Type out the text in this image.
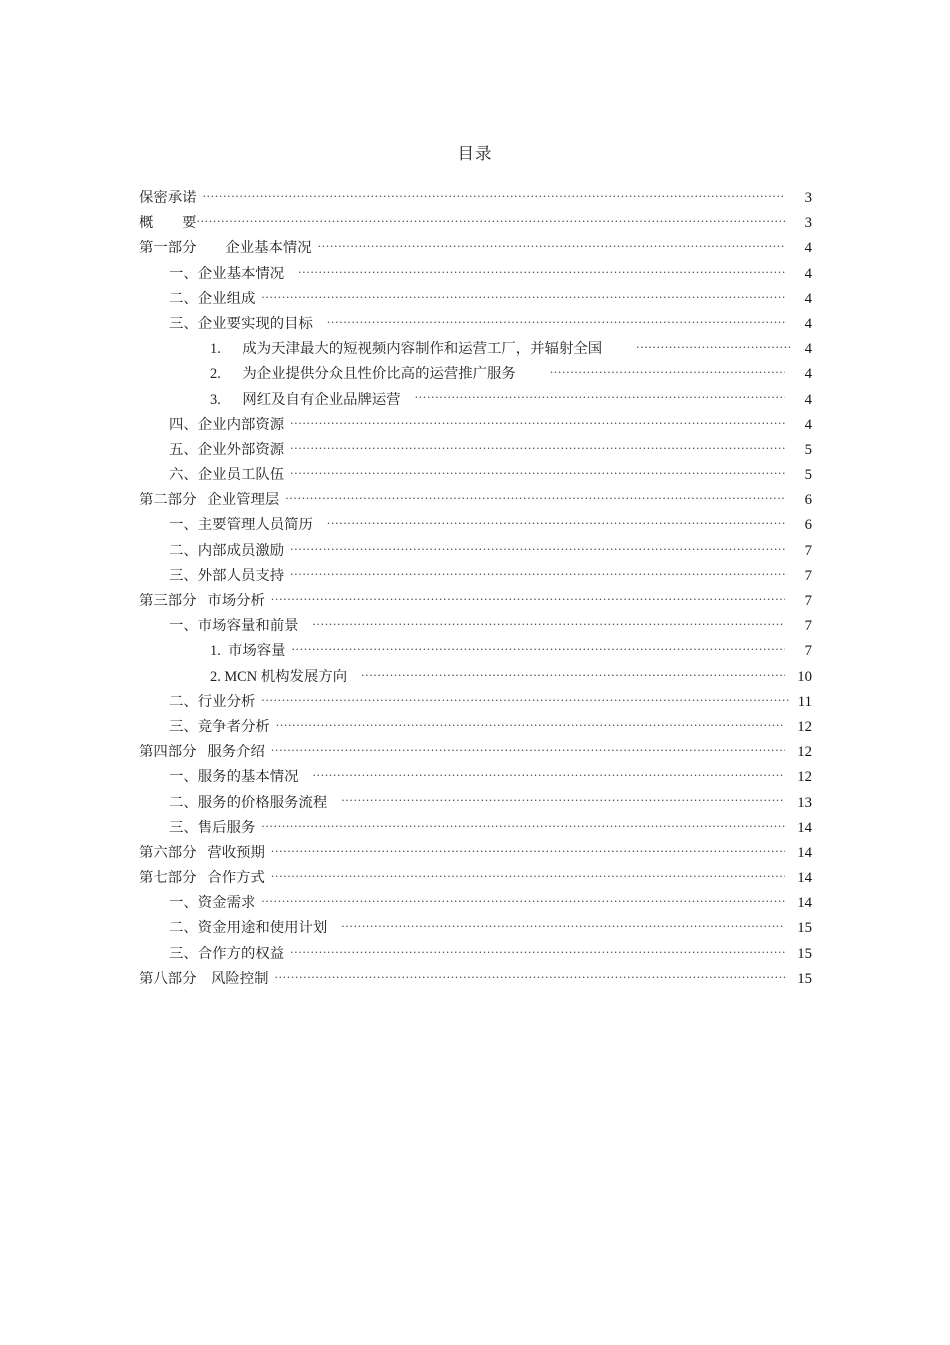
目录
保密承诺 . . .	3
概        要 . . .	3
第一部分        企业基本情况 . . .	4
一、企业基本情况 . . .	4
二、企业组成 . . .	4
三、企业要实现的目标 . . .	4
1.      成为天津最大的短视频内容制作和运营工厂，并辐射全国 . . .	4
2.      为企业提供分众且性价比高的运营推广服务 . . .	4
3.      网红及自有企业品牌运营 . . .	4
四、企业内部资源 . . .	4
五、企业外部资源 . . .	5
六、企业员工队伍 . . .	5
第二部分   企业管理层 . . .	6
一、主要管理人员简历 . . .	6
二、内部成员激励 . . .	7
三、外部人员支持 . . .	7
第三部分   市场分析 . . .	7
一、市场容量和前景 . . .	7
1.  市场容量 . . .	7
2. MCN 机构发展方向 . . .	10
二、行业分析 . . .	11
三、竞争者分析 . . .	12
第四部分   服务介绍 . . .	12
一、服务的基本情况 . . .	12
二、服务的价格服务流程 . . .	13
三、售后服务 . . .	14
第六部分   营收预期 . . .	14
第七部分   合作方式 . . .	14
一、资金需求 . . .	14
二、资金用途和使用计划 . . .	15
三、合作方的权益 . . .	15
第八部分    风险控制 . . .	15
